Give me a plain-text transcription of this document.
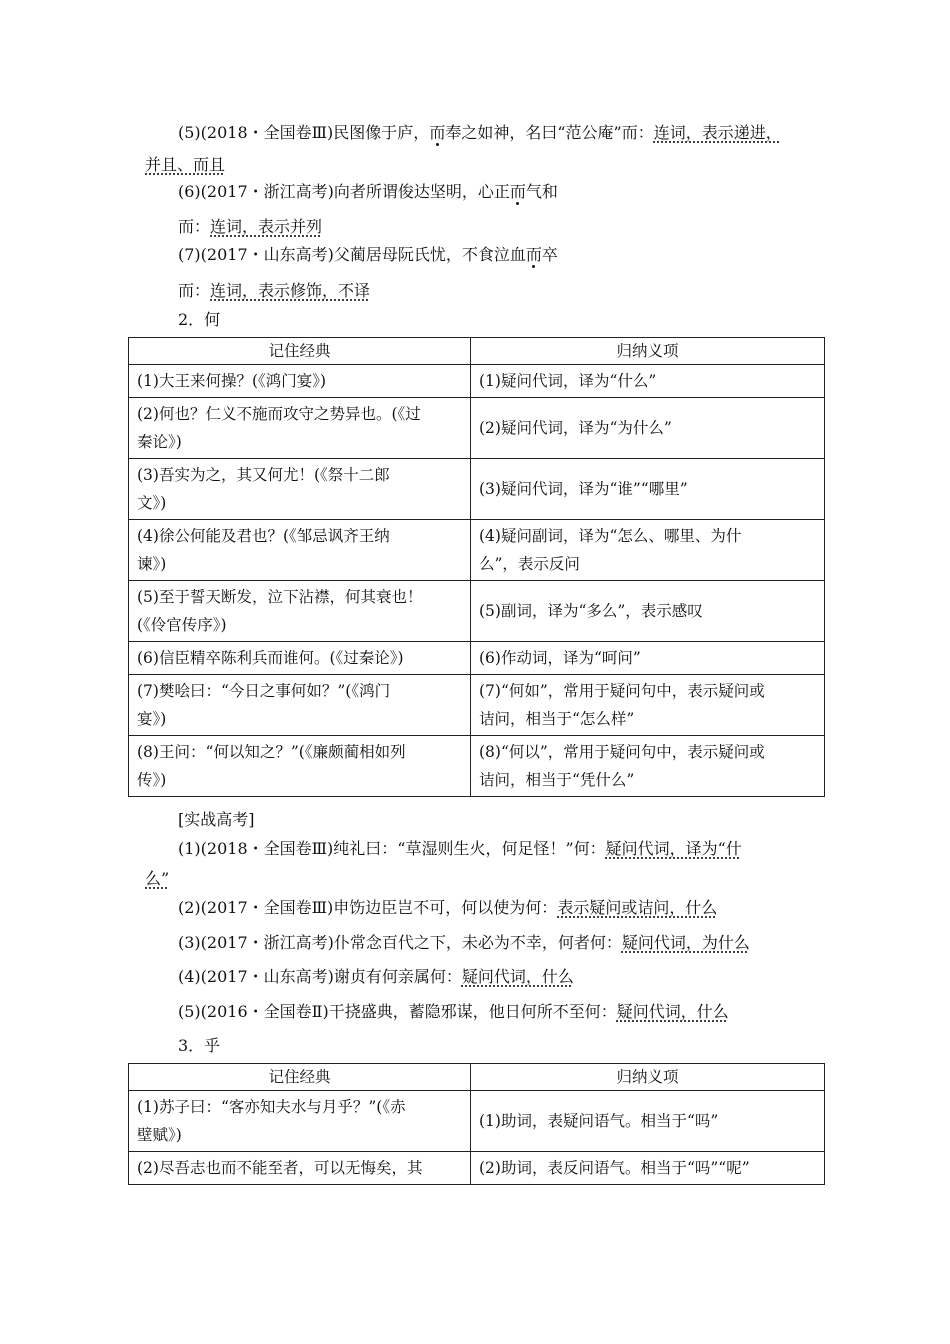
(5)(2018・全国卷Ⅲ)民图像于庐，而奉之如神，名曰“范公庵”而：连词，表示递进，
并且、而且
(6)(2017・浙江高考)向者所谓俊达坚明，心正而气和
而：连词，表示并列
(7)(2017・山东高考)父蔺居母阮氏忧，不食泣血而卒
而：连词，表示修饰，不译
2．何
记住经典	归纳义项
(1)大王来何操？(《鸿门宴》)	(1)疑问代词，译为“什么”
(2)何也？仁义不施而攻守之势异也。(《过
秦论》)	(2)疑问代词，译为“为什么”
(3)吾实为之，其又何尤！(《祭十二郎
文》)	(3)疑问代词，译为“谁”“哪里”
(4)徐公何能及君也？(《邹忌讽齐王纳
谏》)	(4)疑问副词，译为“怎么、哪里、为什
么”，表示反问
(5)至于誓天断发，泣下沾襟，何其衰也！
(《伶官传序》)	(5)副词，译为“多么”，表示感叹
(6)信臣精卒陈利兵而谁何。(《过秦论》)	(6)作动词，译为“呵问”
(7)樊哙曰：“今日之事何如？”(《鸿门
宴》)	(7)“何如”，常用于疑问句中，表示疑问或
诘问，相当于“怎么样”
(8)王问：“何以知之？”(《廉颇蔺相如列
传》)	(8)“何以”，常用于疑问句中，表示疑问或
诘问，相当于“凭什么”
[实战高考]
(1)(2018・全国卷Ⅲ)纯礼曰：“草湿则生火，何足怪！”何：疑问代词，译为“什
么”
(2)(2017・全国卷Ⅲ)申饬边臣岂不可，何以使为何：表示疑问或诘问，什么
(3)(2017・浙江高考)仆常念百代之下，未必为不幸，何者何：疑问代词，为什么
(4)(2017・山东高考)谢贞有何亲属何：疑问代词，什么
(5)(2016・全国卷Ⅱ)干挠盛典，蓄隐邪谋，他日何所不至何：疑问代词，什么
3．乎
记住经典	归纳义项
(1)苏子曰：“客亦知夫水与月乎？”(《赤
壁赋》)	(1)助词，表疑问语气。相当于“吗”
(2)尽吾志也而不能至者，可以无悔矣，其	(2)助词，表反问语气。相当于“吗”“呢”
